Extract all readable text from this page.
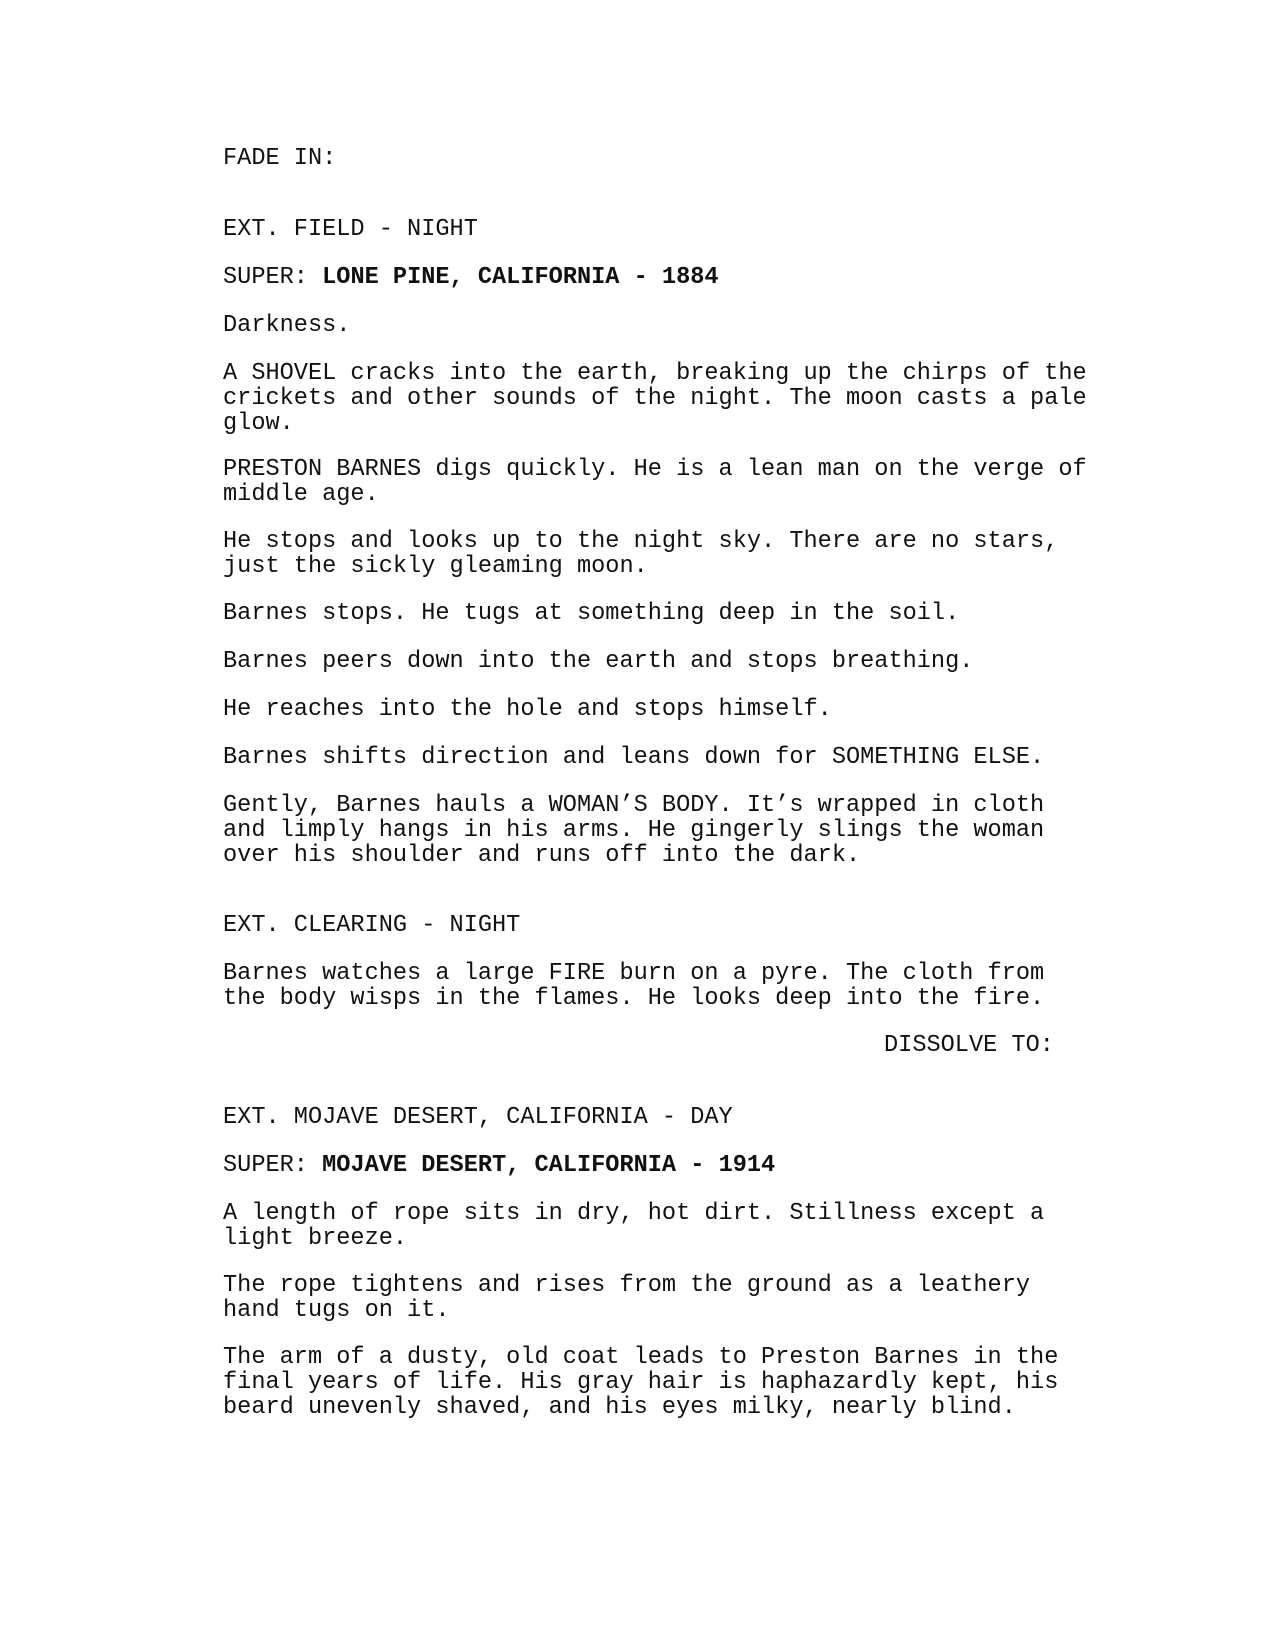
FADE IN:

EXT. FIELD - NIGHT

SUPER: LONE PINE, CALIFORNIA - 1884

Darkness.

A SHOVEL cracks into the earth, breaking up the chirps of the
crickets and other sounds of the night. The moon casts a pale
glow.

PRESTON BARNES digs quickly. He is a lean man on the verge of
middle age.

He stops and looks up to the night sky. There are no stars,
just the sickly gleaming moon.

Barnes stops. He tugs at something deep in the soil.

Barnes peers down into the earth and stops breathing.

He reaches into the hole and stops himself.

Barnes shifts direction and leans down for SOMETHING ELSE.

Gently, Barnes hauls a WOMAN’S BODY. It’s wrapped in cloth
and limply hangs in his arms. He gingerly slings the woman
over his shoulder and runs off into the dark.

EXT. CLEARING - NIGHT

Barnes watches a large FIRE burn on a pyre. The cloth from
the body wisps in the flames. He looks deep into the fire.

DISSOLVE TO:

EXT. MOJAVE DESERT, CALIFORNIA - DAY

SUPER: MOJAVE DESERT, CALIFORNIA - 1914

A length of rope sits in dry, hot dirt. Stillness except a
light breeze.

The rope tightens and rises from the ground as a leathery
hand tugs on it.

The arm of a dusty, old coat leads to Preston Barnes in the
final years of life. His gray hair is haphazardly kept, his
beard unevenly shaved, and his eyes milky, nearly blind.
